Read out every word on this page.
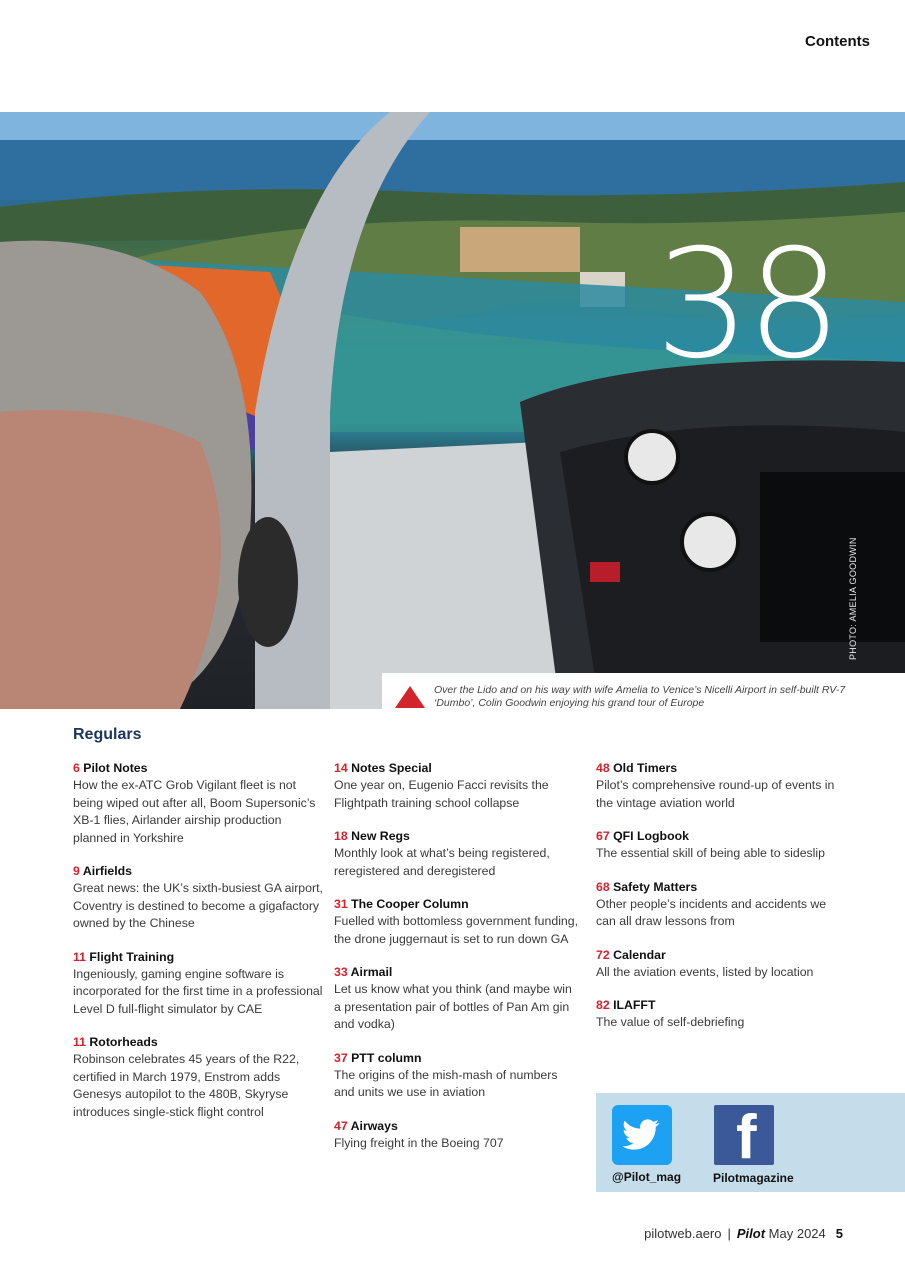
Contents
38
PHOTO: AMELIA GOODWIN
Over the Lido and on his way with wife Amelia to Venice’s Nicelli Airport in self-built RV-7 ‘Dumbo’, Colin Goodwin enjoying his grand tour of Europe
Regulars
6 Pilot Notes
How the ex-ATC Grob Vigilant fleet is not being wiped out after all, Boom Supersonic’s XB-1 flies, Airlander airship production planned in Yorkshire
9 Airfields
Great news: the UK’s sixth-busiest GA airport, Coventry is destined to become a gigafactory owned by the Chinese
11 Flight Training
Ingeniously, gaming engine software is incorporated for the first time in a professional Level D full-flight simulator by CAE
11 Rotorheads
Robinson celebrates 45 years of the R22, certified in March 1979, Enstrom adds Genesys autopilot to the 480B, Skyryse introduces single-stick flight control
14 Notes Special
One year on, Eugenio Facci revisits the Flightpath training school collapse
18 New Regs
Monthly look at what’s being registered, reregistered and deregistered
31 The Cooper Column
Fuelled with bottomless government funding, the drone juggernaut is set to run down GA
33 Airmail
Let us know what you think (and maybe win a presentation pair of bottles of Pan Am gin and vodka)
37 PTT column
The origins of the mish-mash of numbers and units we use in aviation
47 Airways
Flying freight in the Boeing 707
48 Old Timers
Pilot’s comprehensive round-up of events in the vintage aviation world
67 QFI Logbook
The essential skill of being able to sideslip
68 Safety Matters
Other people’s incidents and accidents we can all draw lessons from
72 Calendar
All the aviation events, listed by location
82 ILAFFT
The value of self-debriefing
f
@Pilot_mag	Pilotmagazine
pilotweb.aero | Pilot May 2024 5
